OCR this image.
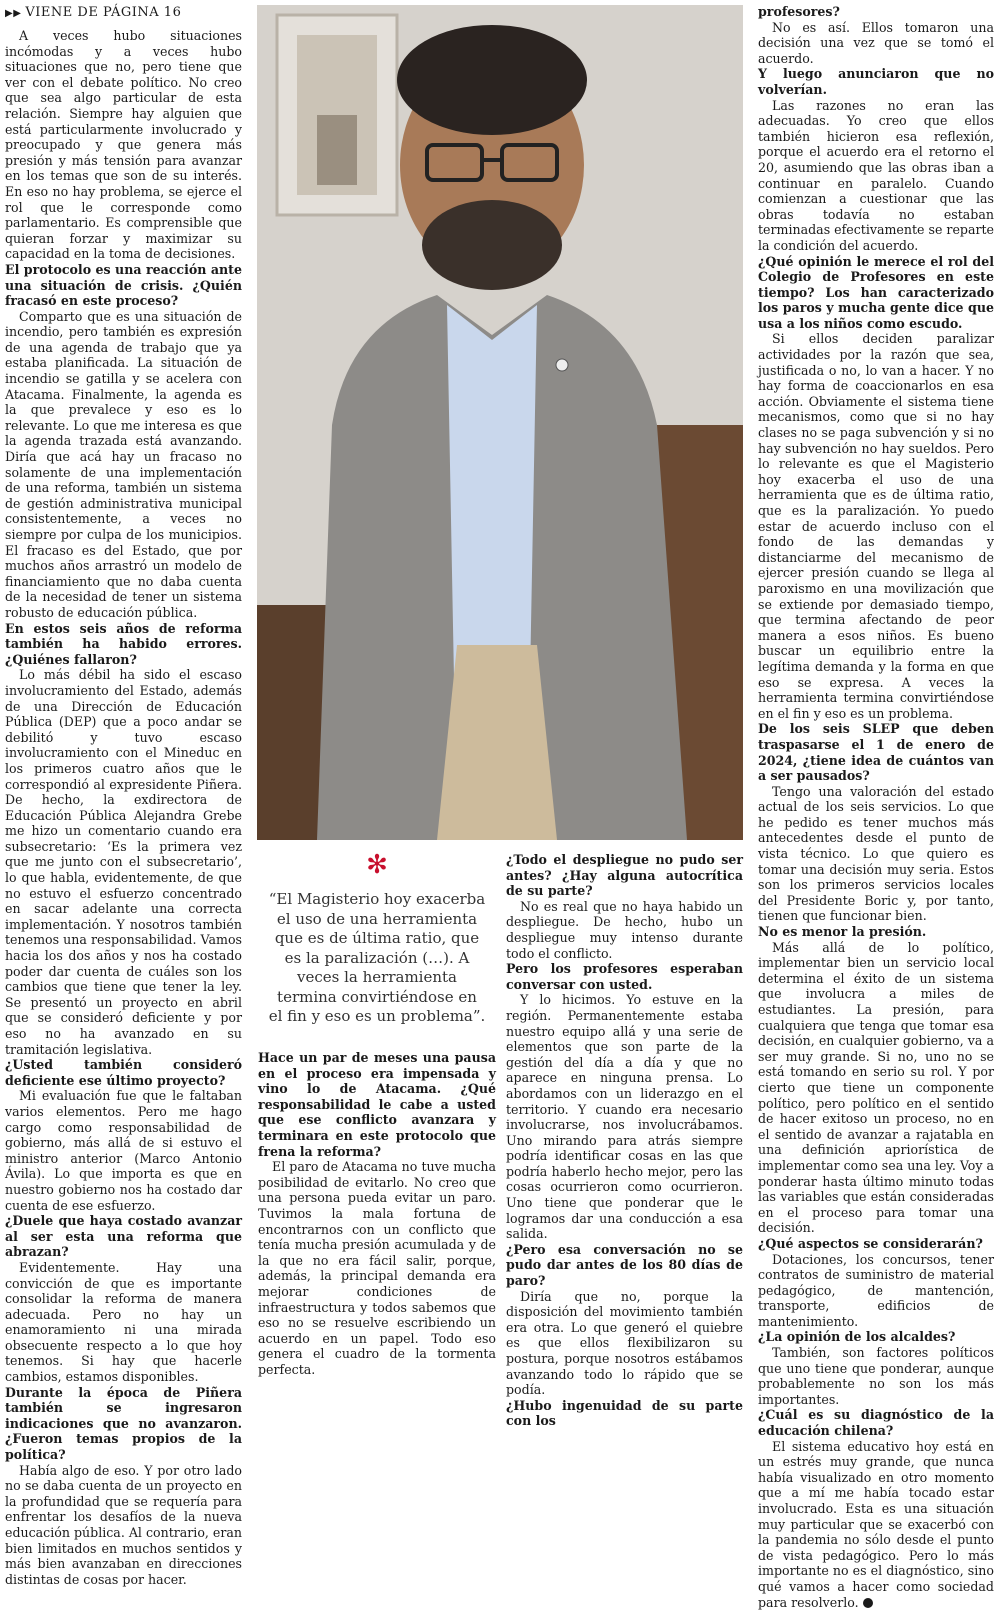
▶▶ VIENE DE PÁGINA 16

A veces hubo situaciones incómodas y a veces hubo situaciones que no, pero tiene que ver con el debate político. No creo que sea algo particular de esta relación. Siempre hay alguien que está particularmente involucrado y preocupado y que genera más presión y más tensión para avanzar en los temas que son de su interés. En eso no hay problema, se ejerce el rol que le corresponde como parlamentario. Es comprensible que quieran forzar y maximizar su capacidad en la toma de decisiones.

El protocolo es una reacción ante una situación de crisis. ¿Quién fracasó en este proceso?

Comparto que es una situación de incendio, pero también es expresión de una agenda de trabajo que ya estaba planificada. La situación de incendio se gatilla y se acelera con Atacama. Finalmente, la agenda es la que prevalece y eso es lo relevante. Lo que me interesa es que la agenda trazada está avanzando. Diría que acá hay un fracaso no solamente de una implementación de una reforma, también un sistema de gestión administrativa municipal consistentemente, a veces no siempre por culpa de los municipios. El fracaso es del Estado, que por muchos años arrastró un modelo de financiamiento que no daba cuenta de la necesidad de tener un sistema robusto de educación pública.

En estos seis años de reforma también ha habido errores. ¿Quiénes fallaron?

Lo más débil ha sido el escaso involucramiento del Estado, además de una Dirección de Educación Pública (DEP) que a poco andar se debilitó y tuvo escaso involucramiento con el Mineduc en los primeros cuatro años que le correspondió al expresidente Piñera. De hecho, la exdirectora de Educación Pública Alejandra Grebe me hizo un comentario cuando era subsecretario: ‘Es la primera vez que me junto con el subsecretario’, lo que habla, evidentemente, de que no estuvo el esfuerzo concentrado en sacar adelante una correcta implementación. Y nosotros también tenemos una responsabilidad. Vamos hacia los dos años y nos ha costado poder dar cuenta de cuáles son los cambios que tiene que tener la ley. Se presentó un proyecto en abril que se consideró deficiente y por eso no ha avanzado en su tramitación legislativa.

¿Usted también consideró deficiente ese último proyecto?

Mi evaluación fue que le faltaban varios elementos. Pero me hago cargo como responsabilidad de gobierno, más allá de si estuvo el ministro anterior (Marco Antonio Ávila). Lo que importa es que en nuestro gobierno nos ha costado dar cuenta de ese esfuerzo.

¿Duele que haya costado avanzar al ser esta una reforma que abrazan?

Evidentemente. Hay una convicción de que es importante consolidar la reforma de manera adecuada. Pero no hay un enamoramiento ni una mirada obsecuente respecto a lo que hoy tenemos. Si hay que hacerle cambios, estamos disponibles.

Durante la época de Piñera también se ingresaron indicaciones que no avanzaron. ¿Fueron temas propios de la política?

Había algo de eso. Y por otro lado no se daba cuenta de un proyecto en la profundidad que se requería para enfrentar los desafíos de la nueva educación pública. Al contrario, eran bien limitados en muchos sentidos y más bien avanzaban en direcciones distintas de cosas por hacer.

✻
“El Magisterio hoy exacerba el uso de una herramienta que es de última ratio, que es la paralización (…). A veces la herramienta termina convirtiéndose en el fin y eso es un problema”.

Hace un par de meses una pausa en el proceso era impensada y vino lo de Atacama. ¿Qué responsabilidad le cabe a usted que ese conflicto avanzara y terminara en este protocolo que frena la reforma?

El paro de Atacama no tuve mucha posibilidad de evitarlo. No creo que una persona pueda evitar un paro. Tuvimos la mala fortuna de encontrarnos con un conflicto que tenía mucha presión acumulada y de la que no era fácil salir, porque, además, la principal demanda era mejorar condiciones de infraestructura y todos sabemos que eso no se resuelve escribiendo un acuerdo en un papel. Todo eso genera el cuadro de la tormenta perfecta.

¿Todo el despliegue no pudo ser antes? ¿Hay alguna autocrítica de su parte?

No es real que no haya habido un despliegue. De hecho, hubo un despliegue muy intenso durante todo el conflicto.

Pero los profesores esperaban conversar con usted.

Y lo hicimos. Yo estuve en la región. Permanentemente estaba nuestro equipo allá y una serie de elementos que son parte de la gestión del día a día y que no aparece en ninguna prensa. Lo abordamos con un liderazgo en el territorio. Y cuando era necesario involucrarse, nos involucrábamos. Uno mirando para atrás siempre podría identificar cosas en las que podría haberlo hecho mejor, pero las cosas ocurrieron como ocurrieron. Uno tiene que ponderar que le logramos dar una conducción a esa salida.

¿Pero esa conversación no se pudo dar antes de los 80 días de paro?

Diría que no, porque la disposición del movimiento también era otra. Lo que generó el quiebre es que ellos flexibilizaron su postura, porque nosotros estábamos avanzando todo lo rápido que se podía.

¿Hubo ingenuidad de su parte con los

profesores?

No es así. Ellos tomaron una decisión una vez que se tomó el acuerdo.

Y luego anunciaron que no volverían.

Las razones no eran las adecuadas. Yo creo que ellos también hicieron esa reflexión, porque el acuerdo era el retorno el 20, asumiendo que las obras iban a continuar en paralelo. Cuando comienzan a cuestionar que las obras todavía no estaban terminadas efectivamente se reparte la condición del acuerdo.

¿Qué opinión le merece el rol del Colegio de Profesores en este tiempo? Los han caracterizado los paros y mucha gente dice que usa a los niños como escudo.

Si ellos deciden paralizar actividades por la razón que sea, justificada o no, lo van a hacer. Y no hay forma de coaccionarlos en esa acción. Obviamente el sistema tiene mecanismos, como que si no hay clases no se paga subvención y si no hay subvención no hay sueldos. Pero lo relevante es que el Magisterio hoy exacerba el uso de una herramienta que es de última ratio, que es la paralización. Yo puedo estar de acuerdo incluso con el fondo de las demandas y distanciarme del mecanismo de ejercer presión cuando se llega al paroxismo en una movilización que se extiende por demasiado tiempo, que termina afectando de peor manera a esos niños. Es bueno buscar un equilibrio entre la legítima demanda y la forma en que eso se expresa. A veces la herramienta termina convirtiéndose en el fin y eso es un problema.

De los seis SLEP que deben traspasarse el 1 de enero de 2024, ¿tiene idea de cuántos van a ser pausados?

Tengo una valoración del estado actual de los seis servicios. Lo que he pedido es tener muchos más antecedentes desde el punto de vista técnico. Lo que quiero es tomar una decisión muy seria. Estos son los primeros servicios locales del Presidente Boric y, por tanto, tienen que funcionar bien.

No es menor la presión.

Más allá de lo político, implementar bien un servicio local determina el éxito de un sistema que involucra a miles de estudiantes. La presión, para cualquiera que tenga que tomar esa decisión, en cualquier gobierno, va a ser muy grande. Si no, uno no se está tomando en serio su rol. Y por cierto que tiene un componente político, pero político en el sentido de hacer exitoso un proceso, no en el sentido de avanzar a rajatabla en una definición apriorística de implementar como sea una ley. Voy a ponderar hasta último minuto todas las variables que están consideradas en el proceso para tomar una decisión.

¿Qué aspectos se considerarán?

Dotaciones, los concursos, tener contratos de suministro de material pedagógico, de mantención, transporte, edificios de mantenimiento.

¿La opinión de los alcaldes?

También, son factores políticos que uno tiene que ponderar, aunque probablemente no son los más importantes.

¿Cuál es su diagnóstico de la educación chilena?

El sistema educativo hoy está en un estrés muy grande, que nunca había visualizado en otro momento que a mí me había tocado estar involucrado. Esta es una situación muy particular que se exacerbó con la pandemia no sólo desde el punto de vista pedagógico. Pero lo más importante no es el diagnóstico, sino qué vamos a hacer como sociedad para resolverlo.
